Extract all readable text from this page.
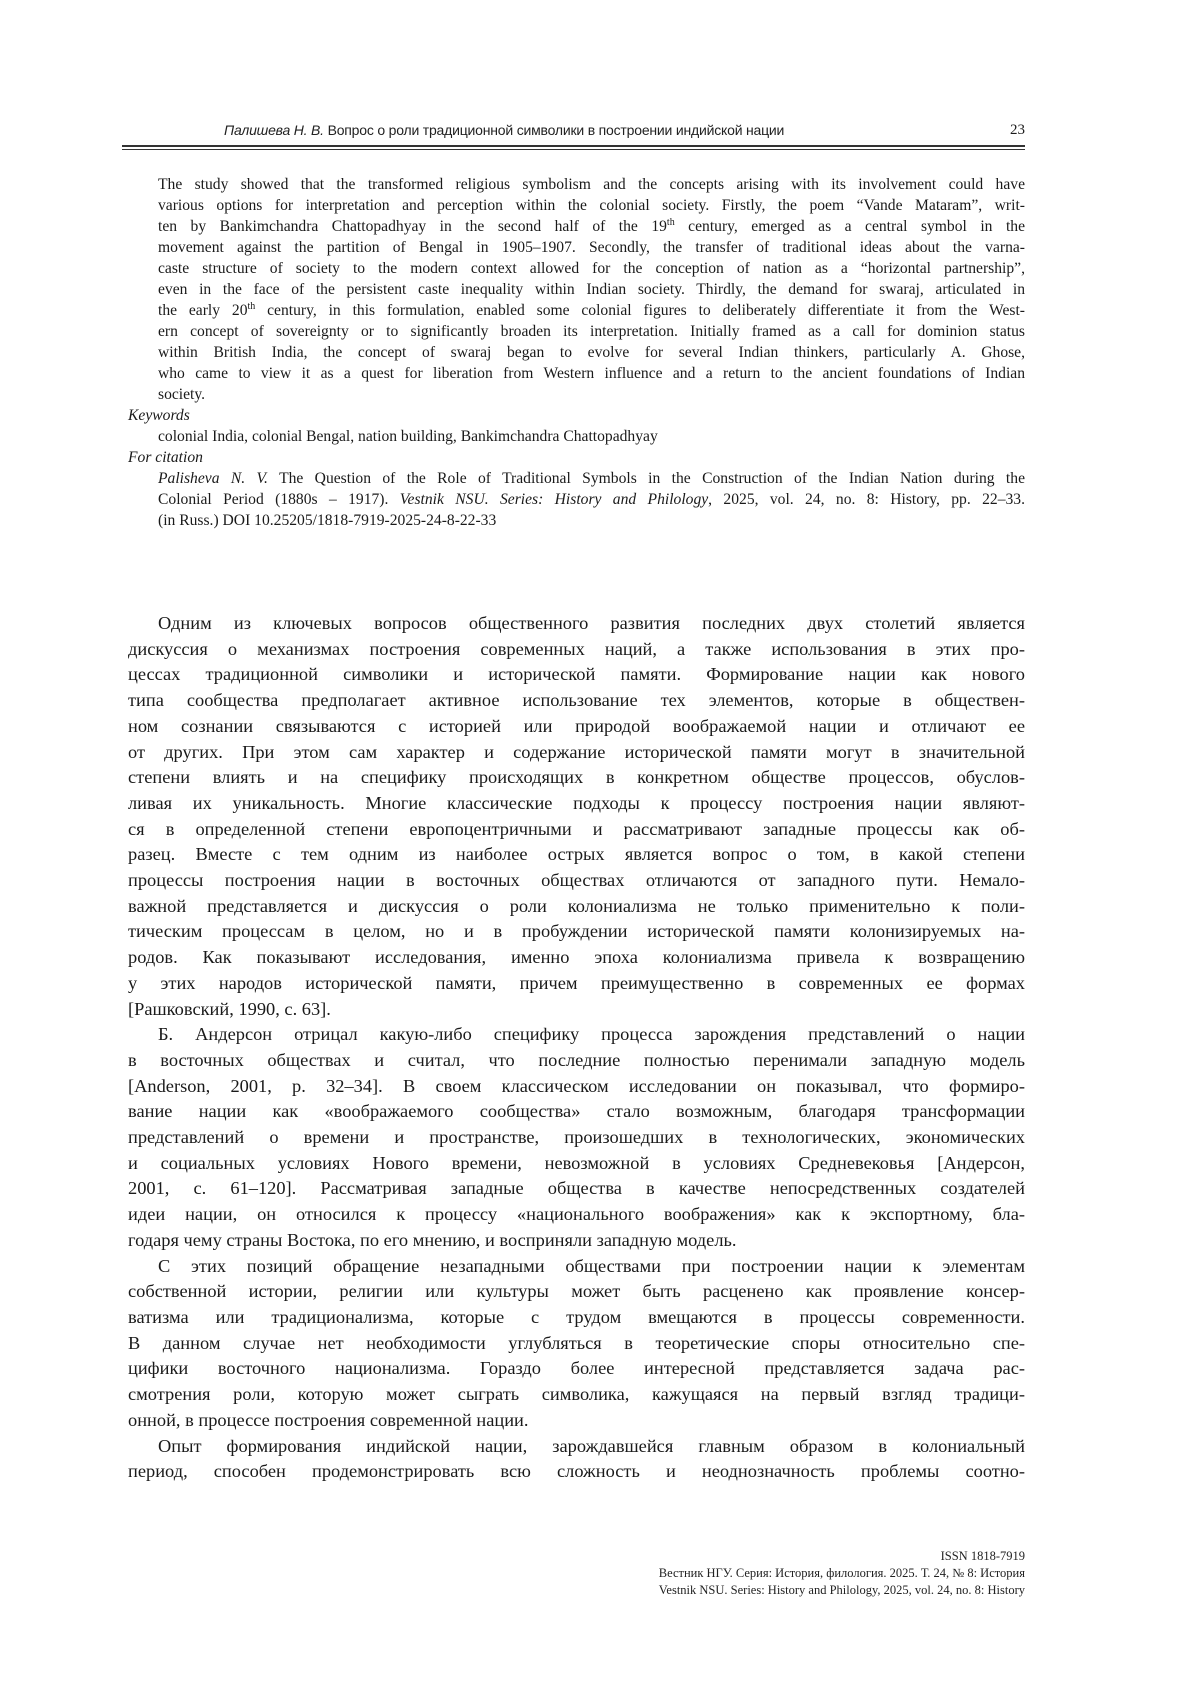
Палишева Н. В. Вопрос о роли традиционной символики в построении индийской нации	23
The study showed that the transformed religious symbolism and the concepts arising with its involvement could have
various options for interpretation and perception within the colonial society. Firstly, the poem “Vande Mataram”, writ-
ten by Bankimchandra Chattopadhyay in the second half of the 19th century, emerged as a central symbol in the
movement against the partition of Bengal in 1905–1907. Secondly, the transfer of traditional ideas about the varna-
caste structure of society to the modern context allowed for the conception of nation as a “horizontal partnership”,
even in the face of the persistent caste inequality within Indian society. Thirdly, the demand for swaraj, articulated in
the early 20th century, in this formulation, enabled some colonial figures to deliberately differentiate it from the West-
ern concept of sovereignty or to significantly broaden its interpretation. Initially framed as a call for dominion status
within British India, the concept of swaraj began to evolve for several Indian thinkers, particularly A. Ghose,
who came to view it as a quest for liberation from Western influence and a return to the ancient foundations of Indian
society.
Keywords
colonial India, colonial Bengal, nation building, Bankimchandra Chattopadhyay
For citation
Palisheva N. V. The Question of the Role of Traditional Symbols in the Construction of the Indian Nation during the
Colonial Period (1880s – 1917). Vestnik NSU. Series: History and Philology, 2025, vol. 24, no. 8: History, pp. 22–33.
(in Russ.) DOI 10.25205/1818-7919-2025-24-8-22-33
Одним из ключевых вопросов общественного развития последних двух столетий является
дискуссия о механизмах построения современных наций, а также использования в этих про-
цессах традиционной символики и исторической памяти. Формирование нации как нового
типа сообщества предполагает активное использование тех элементов, которые в обществен-
ном сознании связываются с историей или природой воображаемой нации и отличают ее
от других. При этом сам характер и содержание исторической памяти могут в значительной
степени влиять и на специфику происходящих в конкретном обществе процессов, обуслов-
ливая их уникальность. Многие классические подходы к процессу построения нации являют-
ся в определенной степени европоцентричными и рассматривают западные процессы как об-
разец. Вместе с тем одним из наиболее острых является вопрос о том, в какой степени
процессы построения нации в восточных обществах отличаются от западного пути. Немало-
важной представляется и дискуссия о роли колониализма не только применительно к поли-
тическим процессам в целом, но и в пробуждении исторической памяти колонизируемых на-
родов. Как показывают исследования, именно эпоха колониализма привела к возвращению
у этих народов исторической памяти, причем преимущественно в современных ее формах
[Рашковский, 1990, с. 63].
Б. Андерсон отрицал какую-либо специфику процесса зарождения представлений о нации
в восточных обществах и считал, что последние полностью перенимали западную модель
[Anderson, 2001, p. 32–34]. В своем классическом исследовании он показывал, что формиро-
вание нации как «воображаемого сообщества» стало возможным, благодаря трансформации
представлений о времени и пространстве, произошедших в технологических, экономических
и социальных условиях Нового времени, невозможной в условиях Средневековья [Андерсон,
2001, с. 61–120]. Рассматривая западные общества в качестве непосредственных создателей
идеи нации, он относился к процессу «национального воображения» как к экспортному, бла-
годаря чему страны Востока, по его мнению, и восприняли западную модель.
С этих позиций обращение незападными обществами при построении нации к элементам
собственной истории, религии или культуры может быть расценено как проявление консер-
ватизма или традиционализма, которые с трудом вмещаются в процессы современности.
В данном случае нет необходимости углубляться в теоретические споры относительно спе-
цифики восточного национализма. Гораздо более интересной представляется задача рас-
смотрения роли, которую может сыграть символика, кажущаяся на первый взгляд традици-
онной, в процессе построения современной нации.
Опыт формирования индийской нации, зарождавшейся главным образом в колониальный
период, способен продемонстрировать всю сложность и неоднозначность проблемы соотно-
ISSN 1818-7919
Вестник НГУ. Серия: История, филология. 2025. Т. 24, № 8: История
Vestnik NSU. Series: History and Philology, 2025, vol. 24, no. 8: History
